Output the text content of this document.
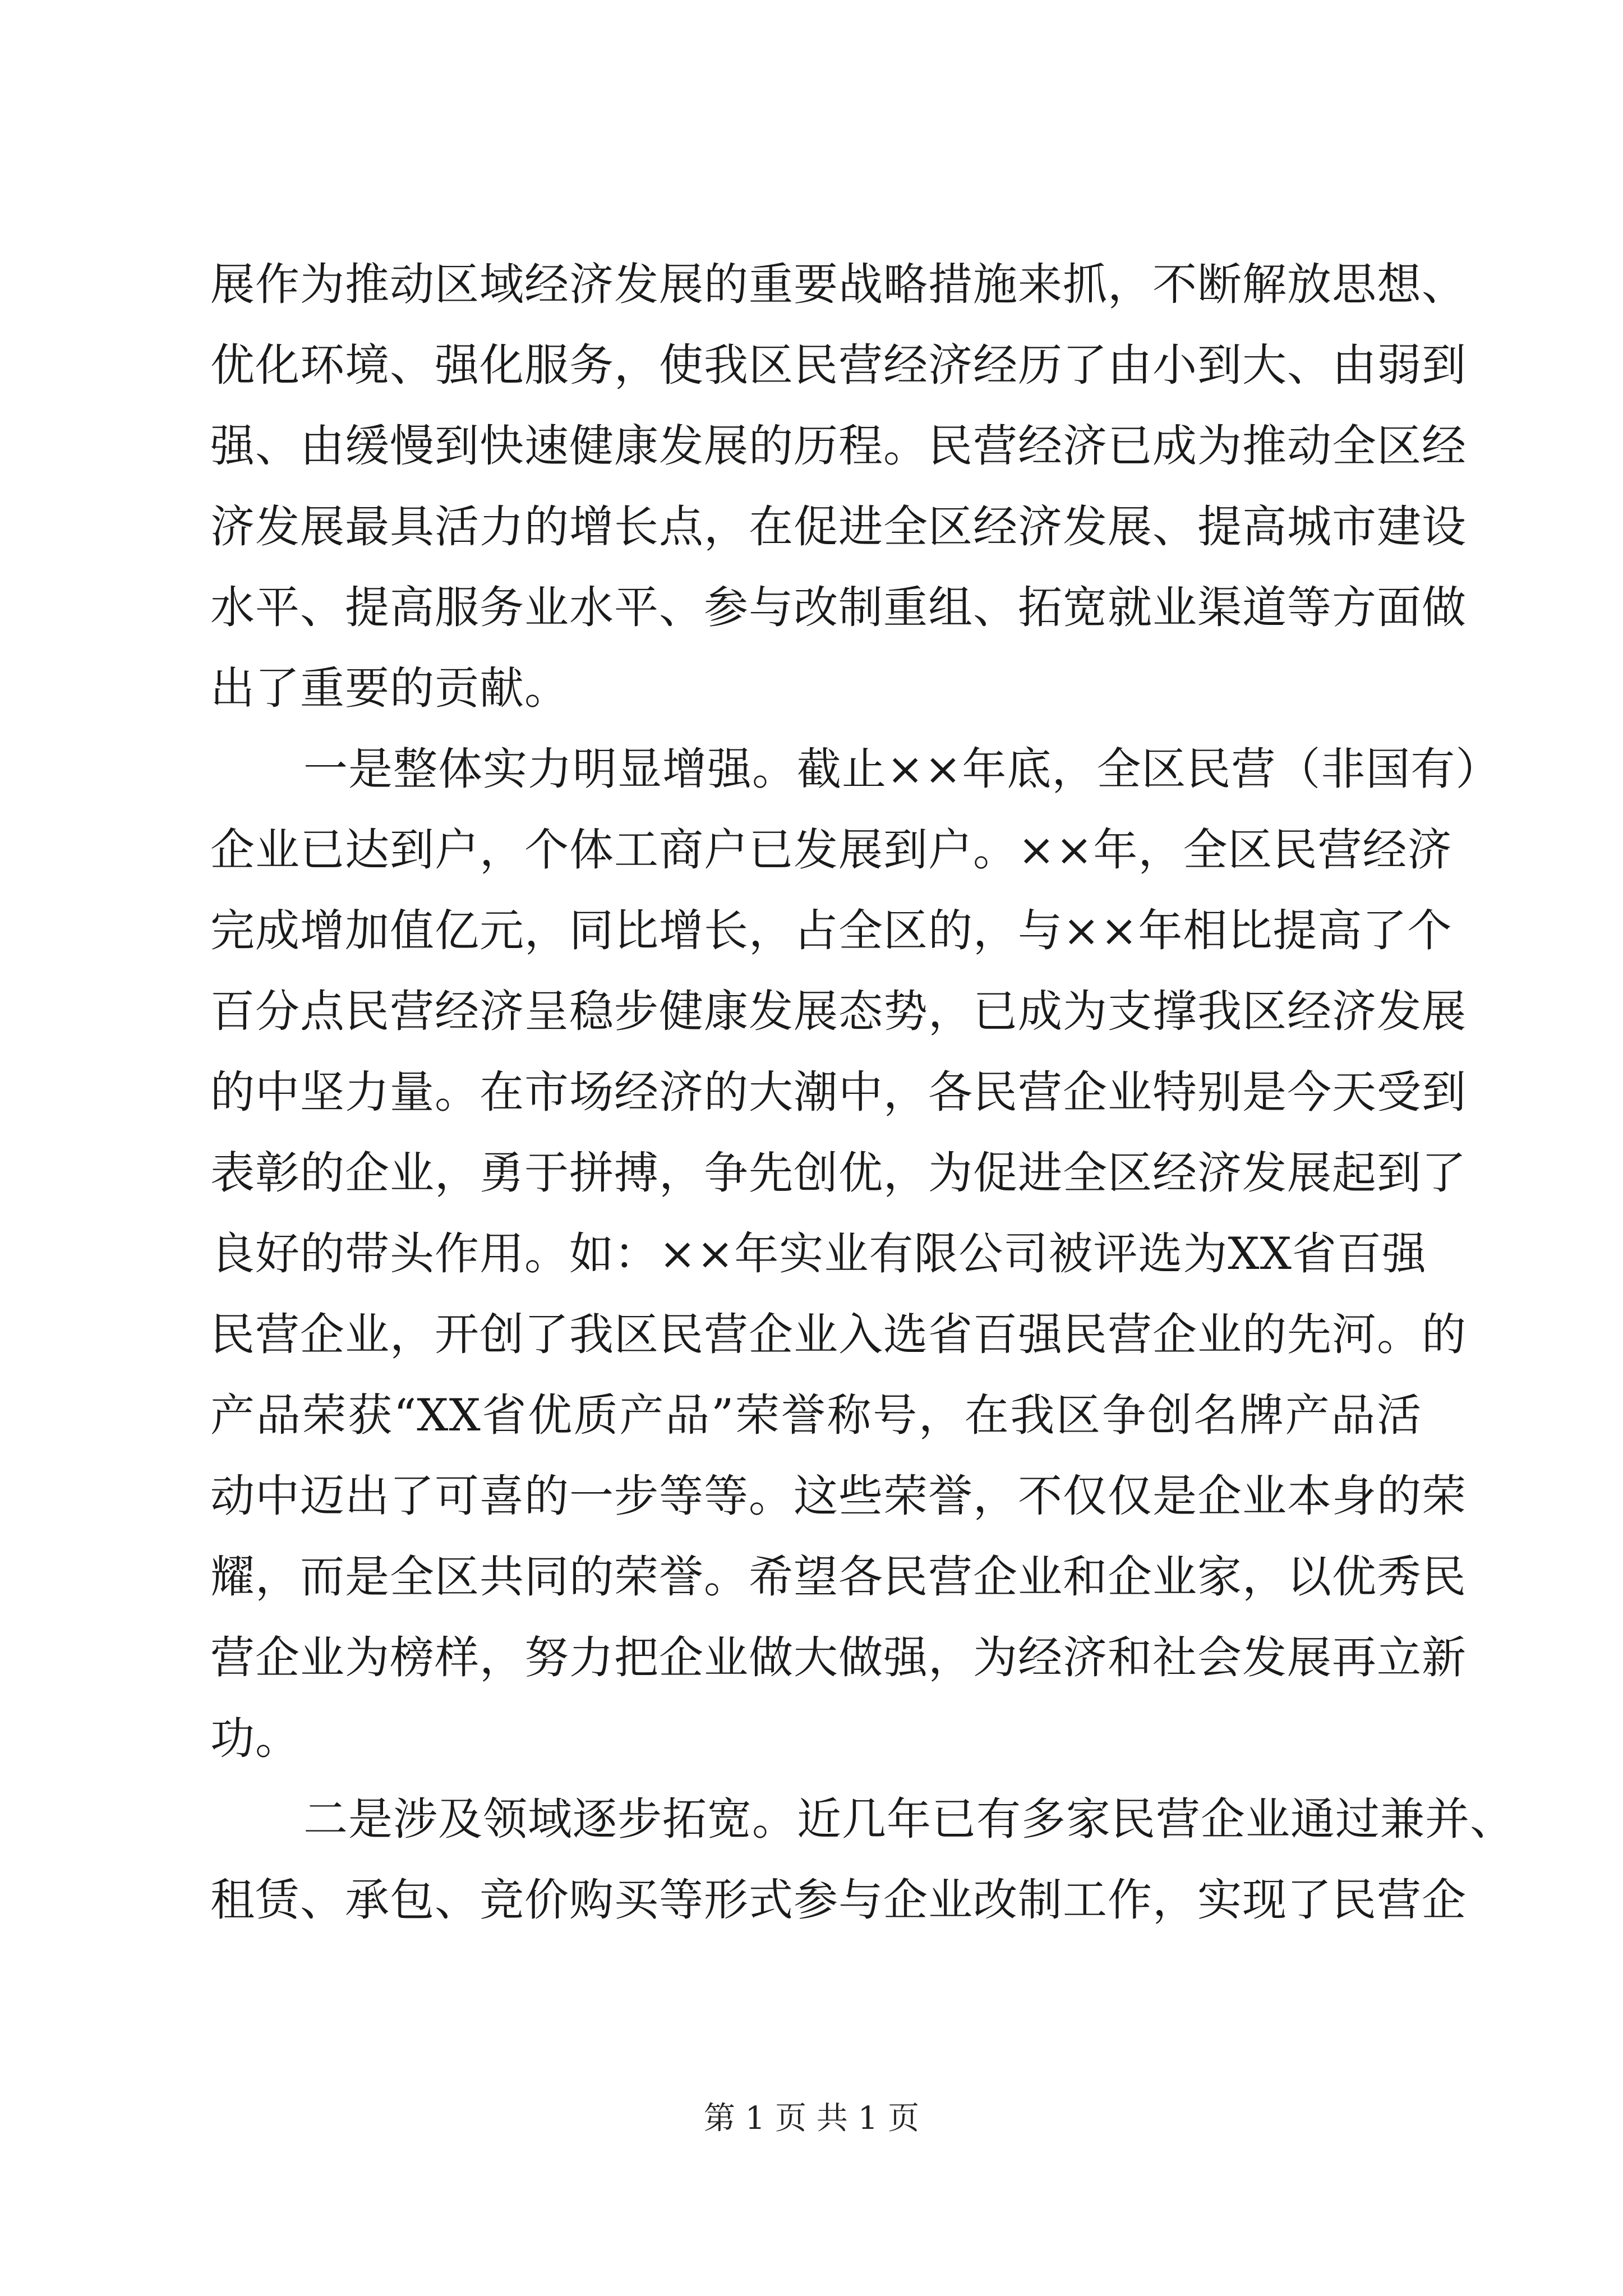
展作为推动区域经济发展的重要战略措施来抓，不断解放思想、
优化环境、强化服务，使我区民营经济经历了由小到大、由弱到
强、由缓慢到快速健康发展的历程。民营经济已成为推动全区经
济发展最具活力的增长点，在促进全区经济发展、提高城市建设
水平、提高服务业水平、参与改制重组、拓宽就业渠道等方面做
出了重要的贡献。
一是整体实力明显增强。截止××年底，全区民营（非国有）
企业已达到户，个体工商户已发展到户。××年，全区民营经济
完成增加值亿元，同比增长，占全区的，与××年相比提高了个
百分点民营经济呈稳步健康发展态势，已成为支撑我区经济发展
的中坚力量。在市场经济的大潮中，各民营企业特别是今天受到
表彰的企业，勇于拼搏，争先创优，为促进全区经济发展起到了
良好的带头作用。如：××年实业有限公司被评选为XX省百强
民营企业，开创了我区民营企业入选省百强民营企业的先河。的
产品荣获“XX省优质产品”荣誉称号，在我区争创名牌产品活
动中迈出了可喜的一步等等。这些荣誉，不仅仅是企业本身的荣
耀，而是全区共同的荣誉。希望各民营企业和企业家，以优秀民
营企业为榜样，努力把企业做大做强，为经济和社会发展再立新
功。
二是涉及领域逐步拓宽。近几年已有多家民营企业通过兼并、
租赁、承包、竞价购买等形式参与企业改制工作，实现了民营企
第 1 页 共 1 页
